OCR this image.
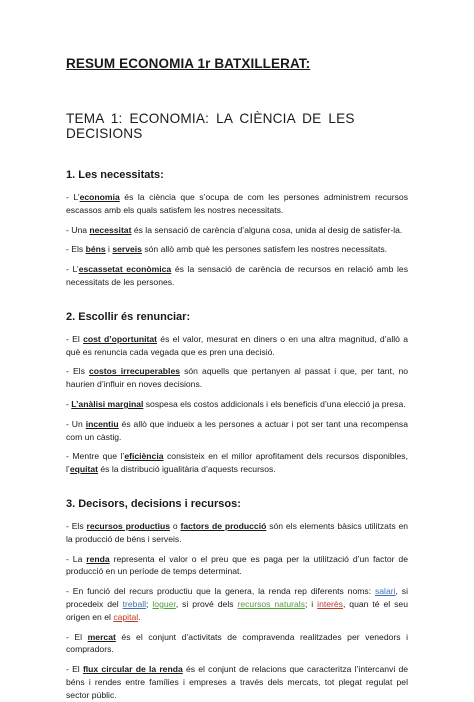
RESUM ECONOMIA 1r BATXILLERAT:
TEMA 1: ECONOMIA: LA CIÈNCIA DE LES DECISIONS
1. Les necessitats:

- L’economia és la ciència que s’ocupa de com les persones administrem recursos escassos amb els quals satisfem les nostres necessitats.

- Una necessitat és la sensació de carència d’alguna cosa, unida al desig de satisfer-la.

- Els béns i serveis són allò amb què les persones satisfem les nostres necessitats.

- L’escassetat econòmica és la sensació de carència de recursos en relació amb les necessitats de les persones.

2. Escollir és renunciar:

- El cost d’oportunitat és el valor, mesurat en diners o en una altra magnitud, d’allò a què es renuncia cada vegada que es pren una decisió.

- Els costos irrecuperables són aquells que pertanyen al passat i que, per tant, no haurien d’influir en noves decisions.

- L’anàlisi marginal sospesa els costos addicionals i els beneficis d’una elecció ja presa.

- Un incentiu és allò que indueix a les persones a actuar i pot ser tant una recompensa com un càstig.

- Mentre que l’eficiència consisteix en el millor aprofitament dels recursos disponibles, l’equitat és la distribució igualitària d’aquests recursos.

3. Decisors, decisions i recursos:

- Els recursos productius o factors de producció són els elements bàsics utilitzats en la producció de béns i serveis.

- La renda representa el valor o el preu que es paga per la utilització d’un factor de producció en un període de temps determinat.

- En funció del recurs productiu que la genera, la renda rep diferents noms: salari, si procedeix del treball; loguer, si prové dels recursos naturals; i interès, quan té el seu origen en el capital.

- El mercat és el conjunt d’activitats de compravenda realitzades per venedors i compradors.

- El flux circular de la renda és el conjunt de relacions que caracteritza l’intercanvi de béns i rendes entre famílies i empreses a través dels mercats, tot plegat regulat pel sector públic.
